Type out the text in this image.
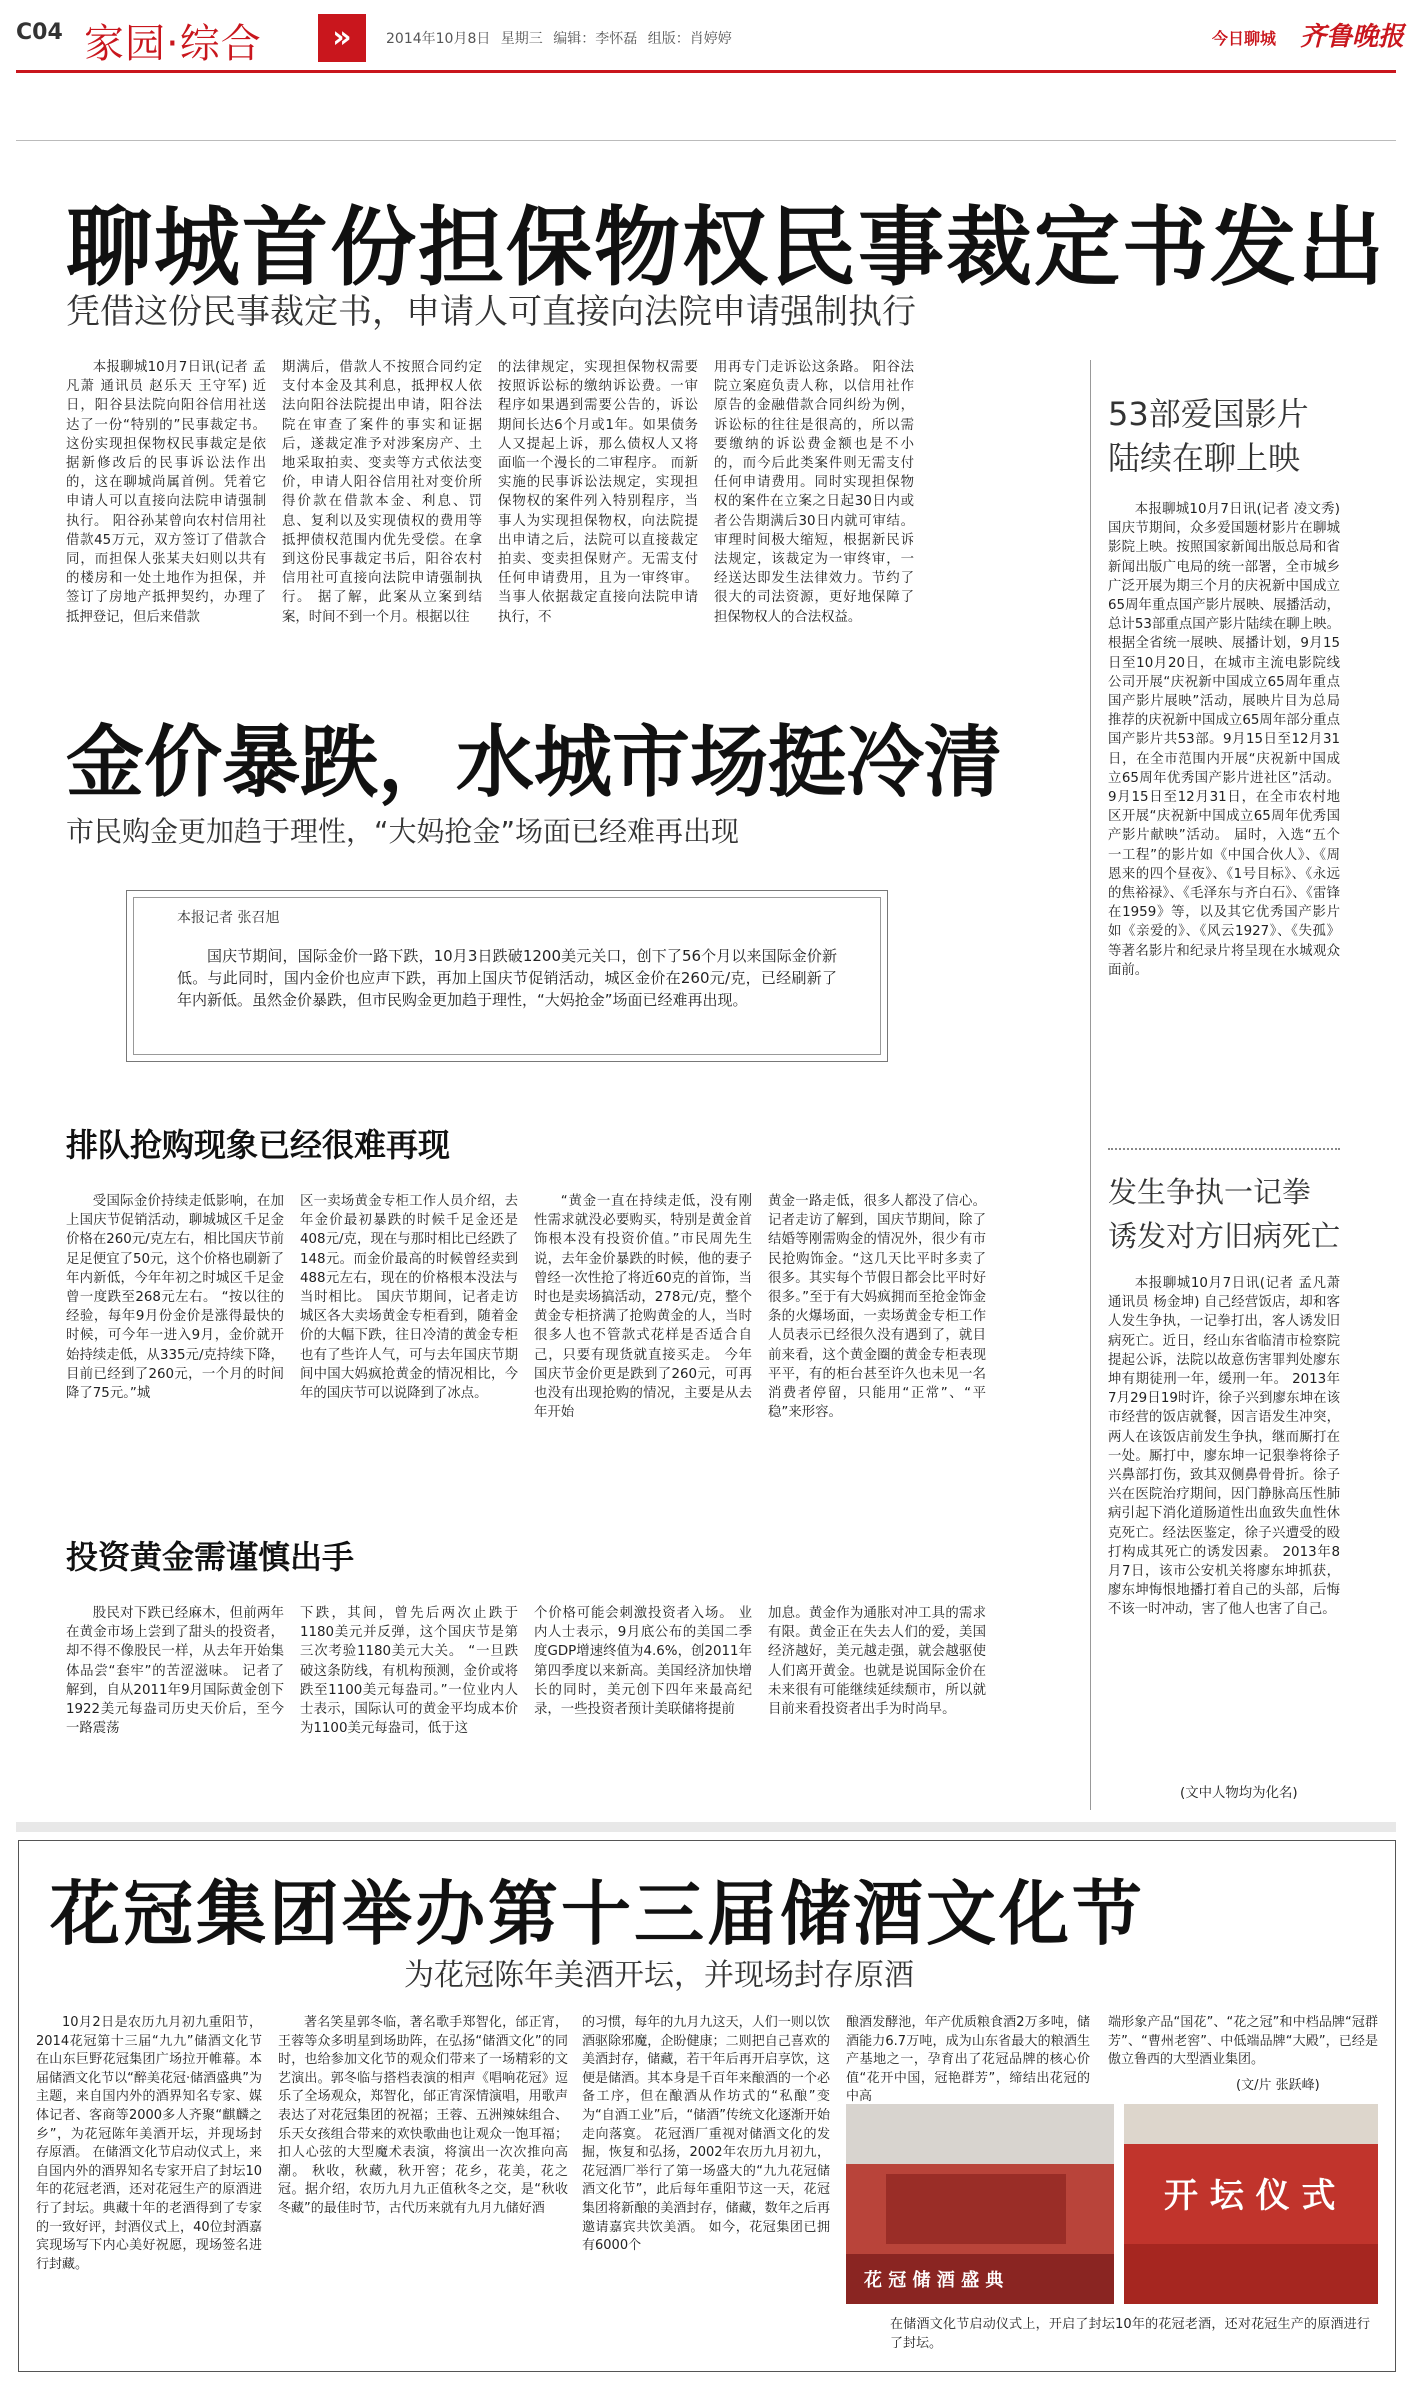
C04 家园·综合	»	2014年10月8日 星期三 编辑：李怀磊 组版：肖婷婷	今日聊城 齐鲁晚报
聊城首份担保物权民事裁定书发出
凭借这份民事裁定书，申请人可直接向法院申请强制执行

本报聊城10月7日讯(记者 孟凡萧 通讯员 赵乐天 王守军) 近日，阳谷县法院向阳谷信用社送达了一份“特别的”民事裁定书。这份实现担保物权民事裁定是依据新修改后的民事诉讼法作出的，这在聊城尚属首例。凭着它申请人可以直接向法院申请强制执行。 阳谷孙某曾向农村信用社借款45万元，双方签订了借款合同，而担保人张某夫妇则以共有的楼房和一处土地作为担保，并签订了房地产抵押契约，办理了抵押登记，但后来借款

期满后，借款人不按照合同约定支付本金及其利息，抵押权人依法向阳谷法院提出申请，阳谷法院在审查了案件的事实和证据后，遂裁定准予对涉案房产、土地采取拍卖、变卖等方式依法变价，申请人阳谷信用社对变价所得价款在借款本金、利息、罚息、复利以及实现债权的费用等抵押债权范围内优先受偿。在拿到这份民事裁定书后，阳谷农村信用社可直接向法院申请强制执行。 据了解，此案从立案到结案，时间不到一个月。根据以往

的法律规定，实现担保物权需要按照诉讼标的缴纳诉讼费。一审程序如果遇到需要公告的，诉讼期间长达6个月或1年。如果债务人又提起上诉，那么债权人又将面临一个漫长的二审程序。 而新实施的民事诉讼法规定，实现担保物权的案件列入特别程序，当事人为实现担保物权，向法院提出申请之后，法院可以直接裁定拍卖、变卖担保财产。无需支付任何申请费用，且为一审终审。当事人依据裁定直接向法院申请执行，不

用再专门走诉讼这条路。 阳谷法院立案庭负责人称，以信用社作原告的金融借款合同纠纷为例，诉讼标的往往是很高的，所以需要缴纳的诉讼费金额也是不小的，而今后此类案件则无需支付任何申请费用。同时实现担保物权的案件在立案之日起30日内或者公告期满后30日内就可审结。审理时间极大缩短，根据新民诉法规定，该裁定为一审终审，一经送达即发生法律效力。节约了很大的司法资源，更好地保障了担保物权人的合法权益。

53部爱国影片
陆续在聊上映

本报聊城10月7日讯(记者 凌文秀) 国庆节期间，众多爱国题材影片在聊城影院上映。按照国家新闻出版总局和省新闻出版广电局的统一部署，全市城乡广泛开展为期三个月的庆祝新中国成立65周年重点国产影片展映、展播活动，总计53部重点国产影片陆续在聊上映。 根据全省统一展映、展播计划，9月15日至10月20日，在城市主流电影院线公司开展“庆祝新中国成立65周年重点国产影片展映”活动，展映片目为总局推荐的庆祝新中国成立65周年部分重点国产影片共53部。9月15日至12月31日，在全市范围内开展“庆祝新中国成立65周年优秀国产影片进社区”活动。9月15日至12月31日，在全市农村地区开展“庆祝新中国成立65周年优秀国产影片献映”活动。 届时，入选“五个一工程”的影片如《中国合伙人》、《周恩来的四个昼夜》、《1号目标》、《永远的焦裕禄》、《毛泽东与齐白石》、《雷锋在1959》等，以及其它优秀国产影片如《亲爱的》、《风云1927》、《失孤》等著名影片和纪录片将呈现在水城观众面前。

金价暴跌，水城市场挺冷清
市民购金更加趋于理性，“大妈抢金”场面已经难再出现
本报记者 张召旭

国庆节期间，国际金价一路下跌，10月3日跌破1200美元关口，创下了56个月以来国际金价新低。与此同时，国内金价也应声下跌，再加上国庆节促销活动，城区金价在260元/克，已经刷新了年内新低。虽然金价暴跌，但市民购金更加趋于理性，“大妈抢金”场面已经难再出现。

排队抢购现象已经很难再现

受国际金价持续走低影响，在加上国庆节促销活动，聊城城区千足金价格在260元/克左右，相比国庆节前足足便宜了50元，这个价格也刷新了年内新低，今年年初之时城区千足金曾一度跌至268元左右。 “按以往的经验，每年9月份金价是涨得最快的时候，可今年一进入9月，金价就开始持续走低，从335元/克持续下降，目前已经到了260元，一个月的时间降了75元。”城

区一卖场黄金专柜工作人员介绍，去年金价最初暴跌的时候千足金还是408元/克，现在与那时相比已经跌了148元。而金价最高的时候曾经卖到488元左右，现在的价格根本没法与当时相比。 国庆节期间，记者走访城区各大卖场黄金专柜看到，随着金价的大幅下跌，往日冷清的黄金专柜也有了些许人气，可与去年国庆节期间中国大妈疯抢黄金的情况相比，今年的国庆节可以说降到了冰点。

“黄金一直在持续走低，没有刚性需求就没必要购买，特别是黄金首饰根本没有投资价值。”市民周先生说，去年金价暴跌的时候，他的妻子曾经一次性抢了将近60克的首饰，当时也是卖场搞活动，278元/克，整个黄金专柜挤满了抢购黄金的人，当时很多人也不管款式花样是否适合自己，只要有现货就直接买走。 今年国庆节金价更是跌到了260元，可再也没有出现抢购的情况，主要是从去年开始

黄金一路走低，很多人都没了信心。记者走访了解到，国庆节期间，除了结婚等刚需购金的情况外，很少有市民抢购饰金。“这几天比平时多卖了很多。其实每个节假日都会比平时好很多。”至于有大妈疯拥而至抢金饰金条的火爆场面，一卖场黄金专柜工作人员表示已经很久没有遇到了，就目前来看，这个黄金圈的黄金专柜表现平平，有的柜台甚至许久也未见一名消费者停留，只能用“正常”、“平稳”来形容。

投资黄金需谨慎出手

股民对下跌已经麻木，但前两年在黄金市场上尝到了甜头的投资者，却不得不像股民一样，从去年开始集体品尝“套牢”的苦涩滋味。 记者了解到，自从2011年9月国际黄金创下1922美元每盎司历史天价后，至今一路震荡

下跌，其间，曾先后两次止跌于1180美元并反弹，这个国庆节是第三次考验1180美元大关。 “一旦跌破这条防线，有机构预测，金价或将跌至1100美元每盎司。”一位业内人士表示，国际认可的黄金平均成本价为1100美元每盎司，低于这

个价格可能会刺激投资者入场。 业内人士表示，9月底公布的美国二季度GDP增速终值为4.6%，创2011年第四季度以来新高。美国经济加快增长的同时，美元创下四年来最高纪录，一些投资者预计美联储将提前

加息。黄金作为通胀对冲工具的需求有限。黄金正在失去人们的爱，美国经济越好，美元越走强，就会越驱使人们离开黄金。也就是说国际金价在未来很有可能继续延续颓市，所以就目前来看投资者出手为时尚早。

发生争执一记拳
诱发对方旧病死亡

本报聊城10月7日讯(记者 孟凡萧 通讯员 杨金坤) 自己经营饭店，却和客人发生争执，一记拳打出，客人诱发旧病死亡。近日，经山东省临清市检察院提起公诉，法院以故意伤害罪判处廖东坤有期徒刑一年，缓刑一年。 2013年7月29日19时许，徐子兴到廖东坤在该市经营的饭店就餐，因言语发生冲突，两人在该饭店前发生争执，继而厮打在一处。厮打中，廖东坤一记狠拳将徐子兴鼻部打伤，致其双侧鼻骨骨折。徐子兴在医院治疗期间，因门静脉高压性肺病引起下消化道肠道性出血致失血性休克死亡。经法医鉴定，徐子兴遭受的殴打构成其死亡的诱发因素。 2013年8月7日，该市公安机关将廖东坤抓获，廖东坤悔恨地播打着自己的头部，后悔不该一时冲动，害了他人也害了自己。

(文中人物均为化名)
花冠集团举办第十三届储酒文化节
为花冠陈年美酒开坛，并现场封存原酒

10月2日是农历九月初九重阳节，2014花冠第十三届“九九”储酒文化节在山东巨野花冠集团广场拉开帷幕。本届储酒文化节以“醉美花冠·储酒盛典”为主题，来自国内外的酒界知名专家、媒体记者、客商等2000多人齐聚“麒麟之乡”，为花冠陈年美酒开坛，并现场封存原酒。 在储酒文化节启动仪式上，来自国内外的酒界知名专家开启了封坛10年的花冠老酒，还对花冠生产的原酒进行了封坛。典藏十年的老酒得到了专家的一致好评，封酒仪式上，40位封酒嘉宾现场写下内心美好祝愿，现场签名进行封藏。

著名笑星郭冬临，著名歌手郑智化，邰正宵，王蓉等众多明星到场助阵，在弘扬“储酒文化”的同时，也给参加文化节的观众们带来了一场精彩的文艺演出。郭冬临与搭档表演的相声《唱响花冠》逗乐了全场观众，郑智化，邰正宵深情演唱，用歌声表达了对花冠集团的祝福；王蓉、五洲辣妹组合、乐天女孩组合带来的欢快歌曲也让观众一饱耳福；扣人心弦的大型魔术表演，将演出一次次推向高潮。 秋收，秋藏，秋开窖；花乡，花美，花之冠。据介绍，农历九月九正值秋冬之交，是“秋收冬藏”的最佳时节，古代历来就有九月九储好酒

的习惯，每年的九月九这天，人们一则以饮酒驱除邪魔，企盼健康；二则把自己喜欢的美酒封存，储藏，若干年后再开启享饮，这便是储酒。其本身是千百年来酿酒的一个必备工序，但在酿酒从作坊式的“私酿”变为“自酒工业”后，“储酒”传统文化逐渐开始走向落寞。 花冠酒厂重视对储酒文化的发掘，恢复和弘扬，2002年农历九月初九，花冠酒厂举行了第一场盛大的“九九花冠储酒文化节”，此后每年重阳节这一天，花冠集团将新酿的美酒封存，储藏，数年之后再邀请嘉宾共饮美酒。 如今，花冠集团已拥有6000个

酿酒发酵池，年产优质粮食酒2万多吨，储酒能力6.7万吨，成为山东省最大的粮酒生产基地之一，孕育出了花冠品牌的核心价值“花开中国，冠艳群芳”，缔结出花冠的中高

端形象产品“国花”、“花之冠”和中档品牌“冠群芳”、“曹州老窖”、中低端品牌“大殿”，已经是傲立鲁西的大型酒业集团。

(文/片 张跃峰)
花 冠 储 酒 盛 典
开 坛 仪 式

在储酒文化节启动仪式上，开启了封坛10年的花冠老酒，还对花冠生产的原酒进行了封坛。
